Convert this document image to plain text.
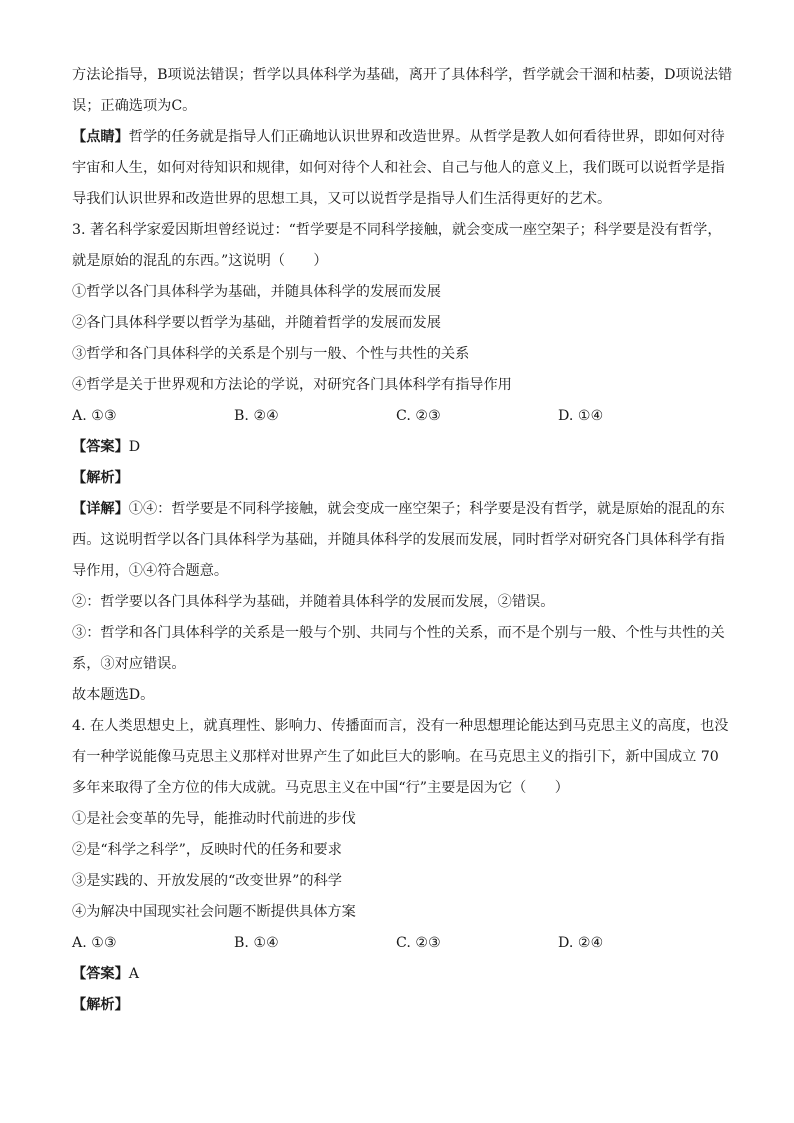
方法论指导，B项说法错误；哲学以具体科学为基础，离开了具体科学，哲学就会干涸和枯萎，D项说法错
误；正确选项为C。
【点睛】哲学的任务就是指导人们正确地认识世界和改造世界。从哲学是教人如何看待世界，即如何对待
宇宙和人生，如何对待知识和规律，如何对待个人和社会、自己与他人的意义上，我们既可以说哲学是指
导我们认识世界和改造世界的思想工具，又可以说哲学是指导人们生活得更好的艺术。
3. 著名科学家爱因斯坦曾经说过：“哲学要是不同科学接触，就会变成一座空架子；科学要是没有哲学，
就是原始的混乱的东西。”这说明（　　）
①哲学以各门具体科学为基础，并随具体科学的发展而发展
②各门具体科学要以哲学为基础，并随着哲学的发展而发展
③哲学和各门具体科学的关系是个别与一般、个性与共性的关系
④哲学是关于世界观和方法论的学说，对研究各门具体科学有指导作用
A. ①③	B. ②④	C. ②③	D. ①④
【答案】D
【解析】
【详解】①④：哲学要是不同科学接触，就会变成一座空架子；科学要是没有哲学，就是原始的混乱的东
西。这说明哲学以各门具体科学为基础，并随具体科学的发展而发展，同时哲学对研究各门具体科学有指
导作用，①④符合题意。
②：哲学要以各门具体科学为基础，并随着具体科学的发展而发展，②错误。
③：哲学和各门具体科学的关系是一般与个别、共同与个性的关系，而不是个别与一般、个性与共性的关
系，③对应错误。
故本题选D。
4. 在人类思想史上，就真理性、影响力、传播面而言，没有一种思想理论能达到马克思主义的高度，也没
有一种学说能像马克思主义那样对世界产生了如此巨大的影响。在马克思主义的指引下，新中国成立 70
多年来取得了全方位的伟大成就。马克思主义在中国“行”主要是因为它（　　）
①是社会变革的先导，能推动时代前进的步伐
②是“科学之科学”，反映时代的任务和要求
③是实践的、开放发展的“改变世界”的科学
④为解决中国现实社会问题不断提供具体方案
A. ①③	B. ①④	C. ②③	D. ②④
【答案】A
【解析】
